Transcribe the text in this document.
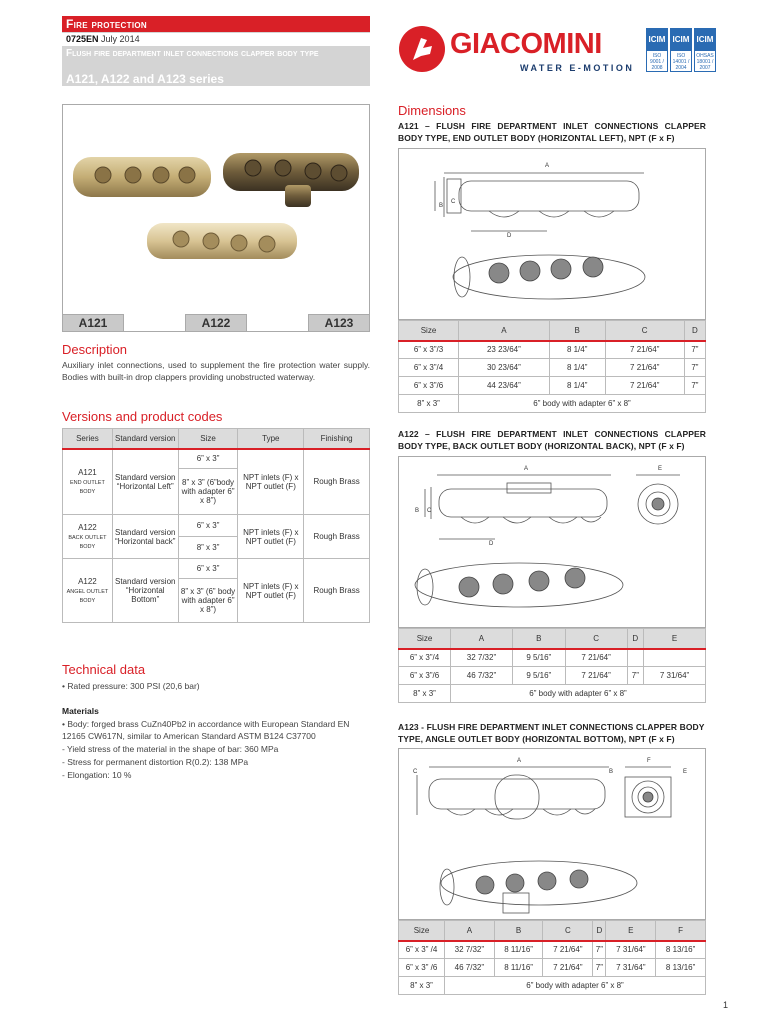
Fire protection
0725EN July 2014
Flush fire department inlet connections clapper body type
A121, A122 and A123 series
GIACOMINI
WATER E-MOTION
ICIM
ISO 9001 / 2008
ICIM
ISO 14001 / 2004
ICIM
OHSAS 18001 / 2007
A121	A122	A123
Description
Auxiliary inlet connections, used to supplement the fire protection water supply. Bodies with built-in drop clappers providing unobstructed waterway.
Versions and product codes
Series	Standard version	Size	Type	Finishing
A121
END OUTLET BODY	Standard version “Horizontal Left”	6” x 3”	NPT inlets (F) x NPT outlet (F)	Rough Brass
		8” x 3” (6”body with adapter 6” x 8”)		
A122
BACK OUTLET BODY	Standard version “Horizontal back”	6” x 3”	NPT inlets (F) x NPT outlet (F)	Rough Brass
		8” x 3”		
A122
ANGEL OUTLET BODY	Standard version “Horizontal Bottom”	6” x 3”	NPT inlets (F) x NPT outlet (F)	Rough Brass
		8” x 3” (6” body with adapter 6” x 8”)		
Technical data
• Rated pressure: 300 PSI (20,6 bar)
Materials
• Body: forged brass CuZn40Pb2 in accordance with European Standard EN 12165 CW617N, similar to American Standard ASTM B124 C37700
- Yield stress of the material in the shape of bar: 360 MPa
- Stress for permanent distortion R(0.2): 138 MPa
- Elongation: 10 %
Dimensions
A121 – FLUSH FIRE DEPARTMENT INLET CONNECTIONS CLAPPER BODY TYPE, END OUTLET BODY (HORIZONTAL LEFT), NPT (F x F)
A
B
C
D
Size	A	B	C	D
6” x 3”/3	23 23/64”	8 1/4”	7 21/64”	7”
6” x 3”/4	30 23/64”	8 1/4”	7 21/64”	7”
6” x 3”/6	44 23/64”	8 1/4”	7 21/64”	7”
8” x 3”	6” body with adapter 6” x 8”			
A122 – FLUSH FIRE DEPARTMENT INLET CONNECTIONS CLAPPER BODY TYPE, BACK OUTLET BODY (HORIZONTAL BACK), NPT (F x F)
A	E
B C
D
Size	A	B	C	D	E
6” x 3”/4	32 7/32”	9 5/16”	7 21/64”		
6” x 3”/6	46 7/32”	9 5/16”	7 21/64”	7”	7 31/64”
8” x 3”	6” body with adapter 6” x 8”				
A123 - FLUSH FIRE DEPARTMENT INLET CONNECTIONS CLAPPER BODY TYPE, ANGLE OUTLET BODY (HORIZONTAL BOTTOM), NPT (F x F)
A
C	B	E
F
Size	A	B	C	D	E	F
6” x 3” /4	32 7/32”	8 11/16”	7 21/64”	7”	7 31/64”	8 13/16”
6” x 3” /6	46 7/32”	8 11/16”	7 21/64”	7”	7 31/64”	8 13/16”
8” x 3”	6” body with adapter 6” x 8”					
1
